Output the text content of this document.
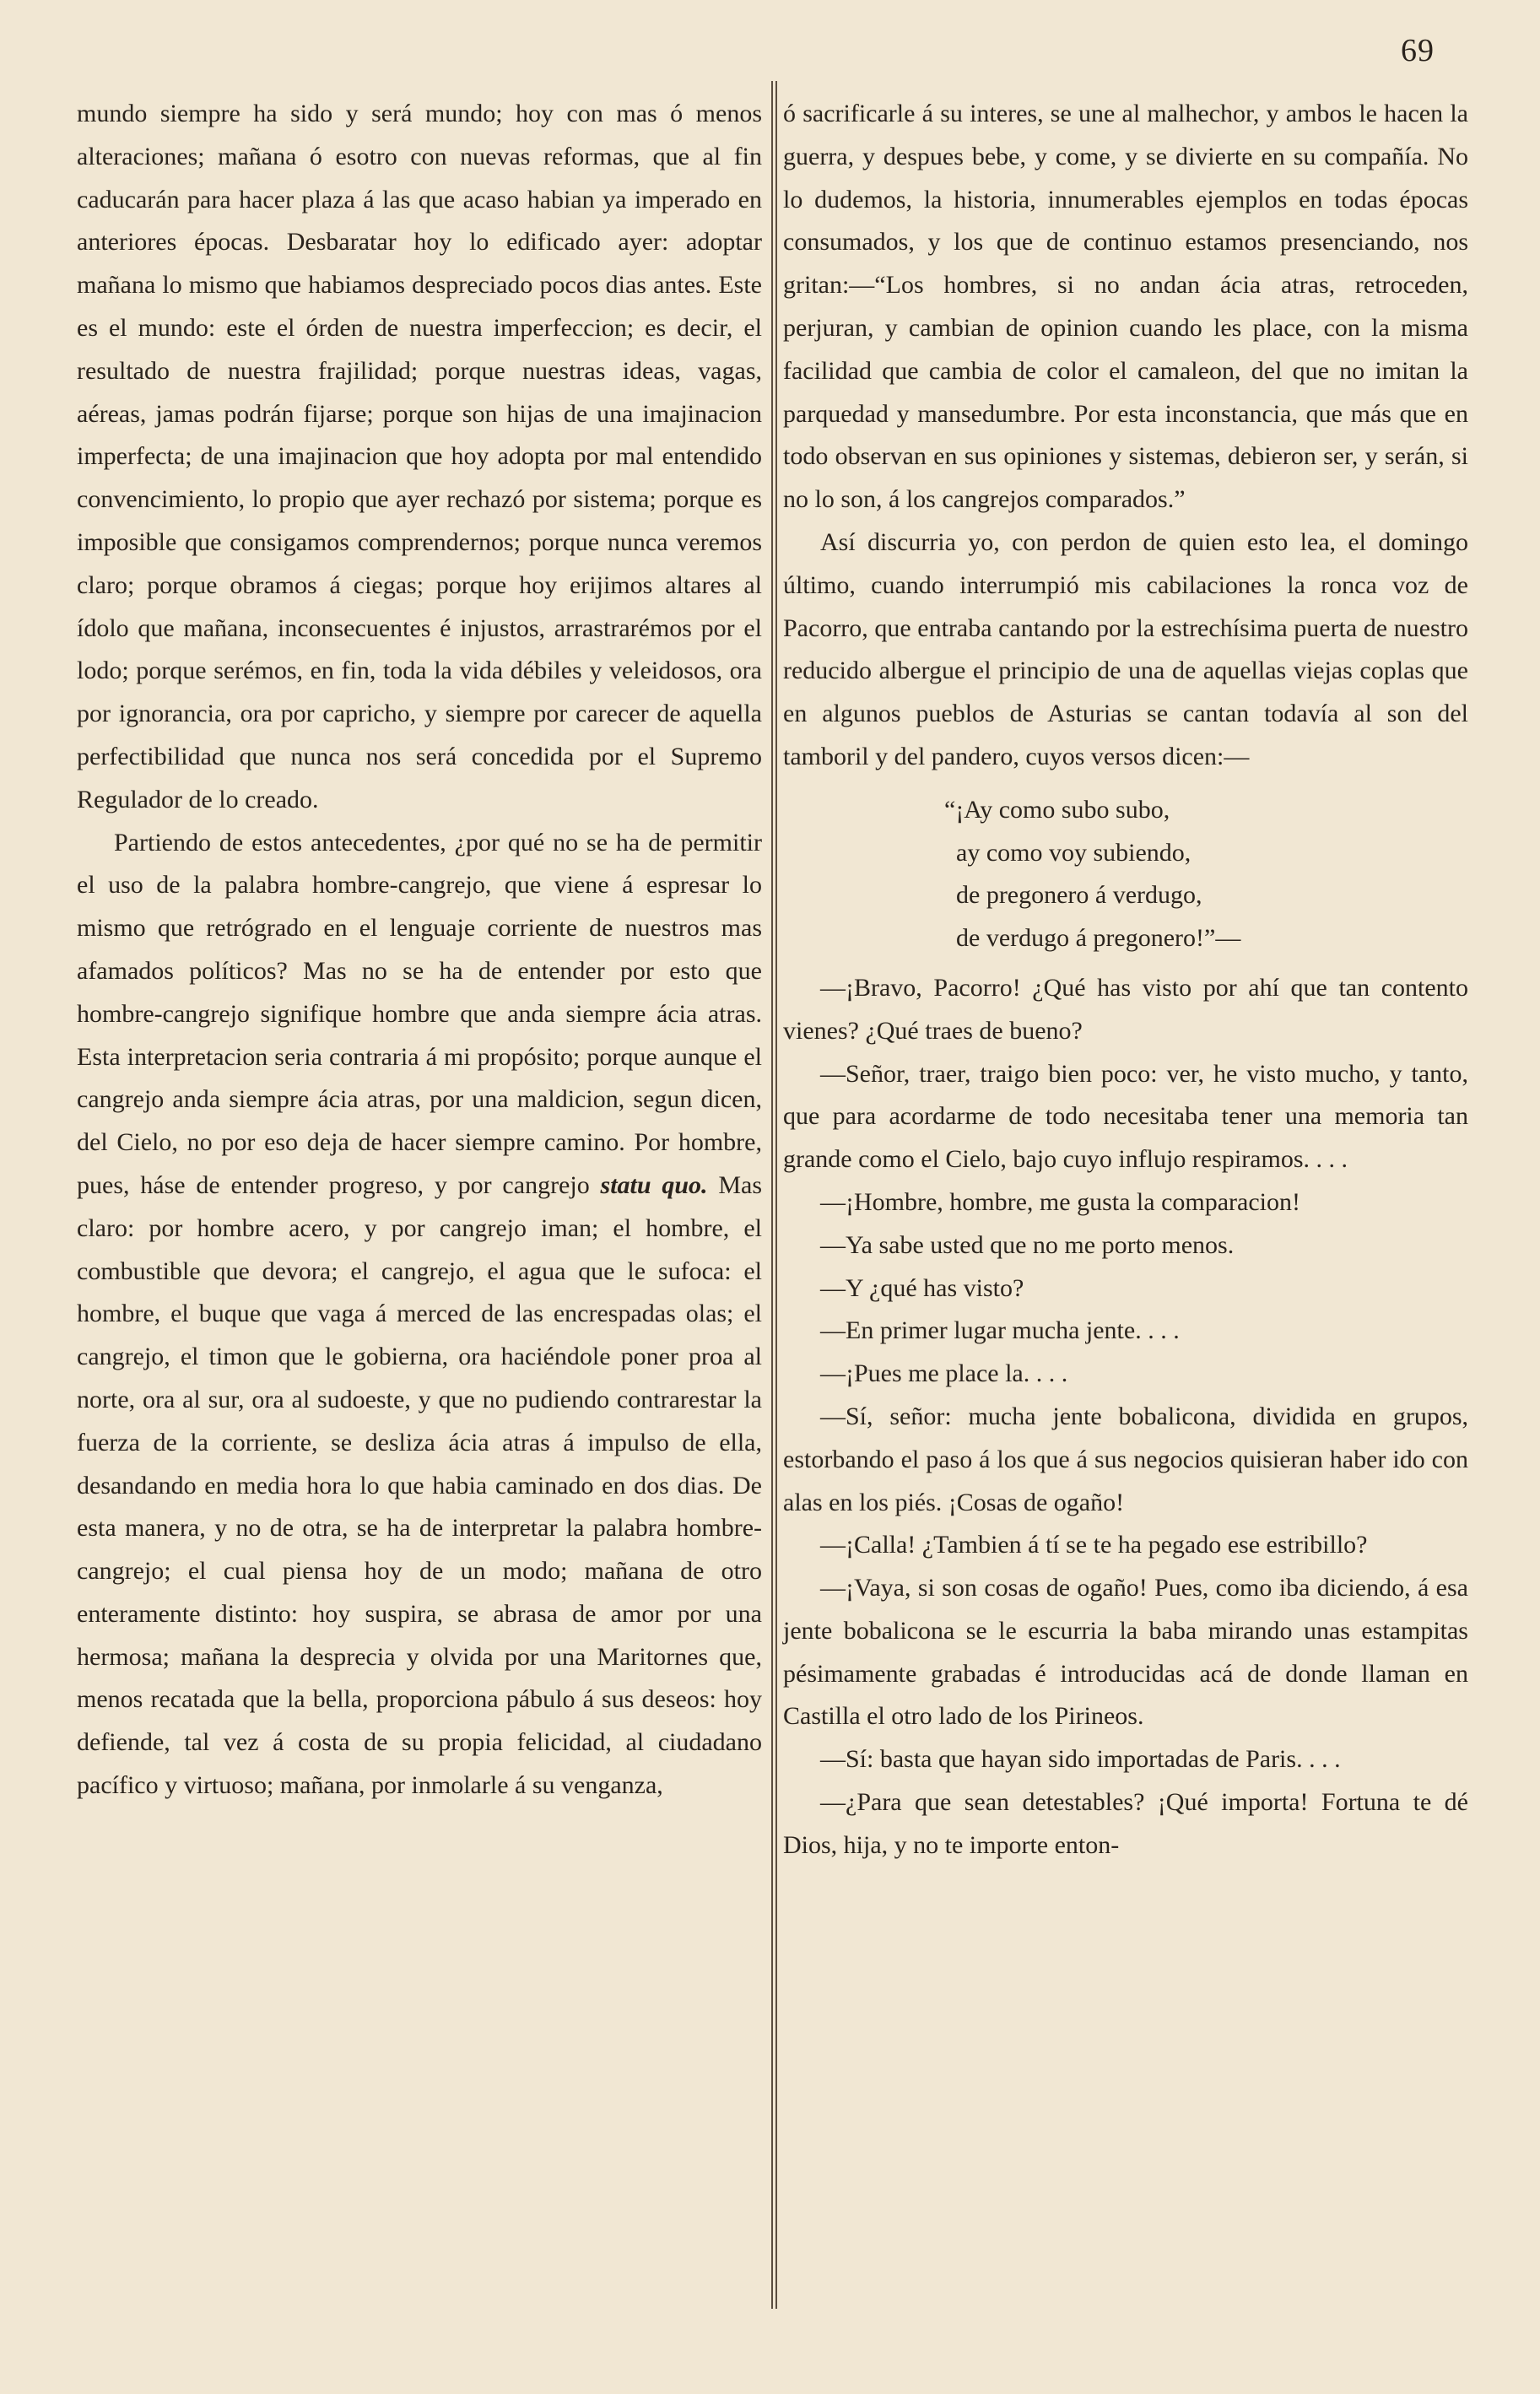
69

mundo siempre ha sido y será mundo; hoy con mas ó menos alteraciones; mañana ó esotro con nuevas reformas, que al fin caducarán para hacer plaza á las que acaso habian ya imperado en anteriores épocas. Desbaratar hoy lo edificado ayer: adoptar mañana lo mismo que habiamos despreciado pocos dias antes. Este es el mundo: este el órden de nuestra imperfeccion; es decir, el resultado de nuestra frajilidad; porque nuestras ideas, vagas, aéreas, jamas podrán fijarse; porque son hijas de una imajinacion imperfecta; de una imajinacion que hoy adopta por mal entendido convencimiento, lo propio que ayer rechazó por sistema; porque es imposible que consigamos comprendernos; porque nunca veremos claro; porque obramos á ciegas; porque hoy erijimos altares al ídolo que mañana, inconsecuentes é injustos, arrastrarémos por el lodo; porque serémos, en fin, toda la vida débiles y veleidosos, ora por ignorancia, ora por capricho, y siempre por carecer de aquella perfectibilidad que nunca nos será concedida por el Supremo Regulador de lo creado.

Partiendo de estos antecedentes, ¿por qué no se ha de permitir el uso de la palabra hombre-cangrejo, que viene á espresar lo mismo que retrógrado en el lenguaje corriente de nuestros mas afamados políticos? Mas no se ha de entender por esto que hombre-cangrejo signifique hombre que anda siempre ácia atras. Esta interpretacion seria contraria á mi propósito; porque aunque el cangrejo anda siempre ácia atras, por una maldicion, segun dicen, del Cielo, no por eso deja de hacer siempre camino. Por hombre, pues, háse de entender progreso, y por cangrejo statu quo. Mas claro: por hombre acero, y por cangrejo iman; el hombre, el combustible que devora; el cangrejo, el agua que le sufoca: el hombre, el buque que vaga á merced de las encrespadas olas; el cangrejo, el timon que le gobierna, ora haciéndole poner proa al norte, ora al sur, ora al sudoeste, y que no pudiendo contrarestar la fuerza de la corriente, se desliza ácia atras á impulso de ella, desandando en media hora lo que habia caminado en dos dias. De esta manera, y no de otra, se ha de interpretar la palabra hombre-cangrejo; el cual piensa hoy de un modo; mañana de otro enteramente distinto: hoy suspira, se abrasa de amor por una hermosa; mañana la desprecia y olvida por una Maritornes que, menos recatada que la bella, proporciona pábulo á sus deseos: hoy defiende, tal vez á costa de su propia felicidad, al ciudadano pacífico y virtuoso; mañana, por inmolarle á su venganza,

ó sacrificarle á su interes, se une al malhechor, y ambos le hacen la guerra, y despues bebe, y come, y se divierte en su compañía. No lo dudemos, la historia, innumerables ejemplos en todas épocas consumados, y los que de continuo estamos presenciando, nos gritan:—“Los hombres, si no andan ácia atras, retroceden, perjuran, y cambian de opinion cuando les place, con la misma facilidad que cambia de color el camaleon, del que no imitan la parquedad y mansedumbre. Por esta inconstancia, que más que en todo observan en sus opiniones y sistemas, debieron ser, y serán, si no lo son, á los cangrejos comparados.”

Así discurria yo, con perdon de quien esto lea, el domingo último, cuando interrumpió mis cabilaciones la ronca voz de Pacorro, que entraba cantando por la estrechísima puerta de nuestro reducido albergue el principio de una de aquellas viejas coplas que en algunos pueblos de Asturias se cantan todavía al son del tamboril y del pandero, cuyos versos dicen:—

“¡Ay como subo subo,
ay como voy subiendo,
de pregonero á verdugo,
de verdugo á pregonero!”—

—¡Bravo, Pacorro! ¿Qué has visto por ahí que tan contento vienes? ¿Qué traes de bueno?

—Señor, traer, traigo bien poco: ver, he visto mucho, y tanto, que para acordarme de todo necesitaba tener una memoria tan grande como el Cielo, bajo cuyo influjo respiramos. . . .

—¡Hombre, hombre, me gusta la comparacion!

—Ya sabe usted que no me porto menos.

—Y ¿qué has visto?

—En primer lugar mucha jente. . . .

—¡Pues me place la. . . .

—Sí, señor: mucha jente bobalicona, dividida en grupos, estorbando el paso á los que á sus negocios quisieran haber ido con alas en los piés. ¡Cosas de ogaño!

—¡Calla! ¿Tambien á tí se te ha pegado ese estribillo?

—¡Vaya, si son cosas de ogaño! Pues, como iba diciendo, á esa jente bobalicona se le escurria la baba mirando unas estampitas pésimamente grabadas é introducidas acá de donde llaman en Castilla el otro lado de los Pirineos.

—Sí: basta que hayan sido importadas de Paris. . . .

—¿Para que sean detestables? ¡Qué importa! Fortuna te dé Dios, hija, y no te importe enton-
